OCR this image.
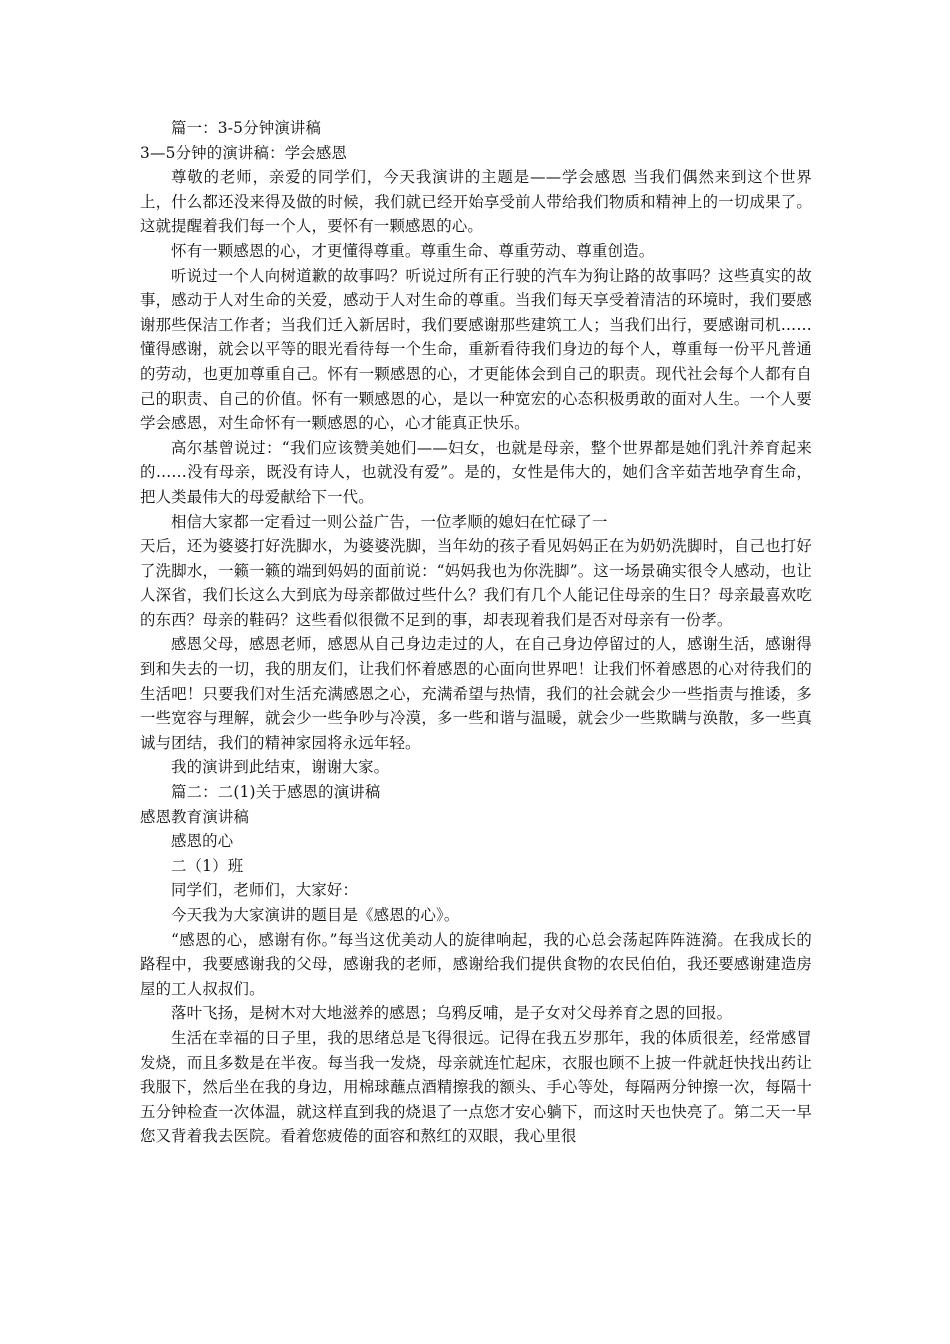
篇一：3-5分钟演讲稿

3—5分钟的演讲稿：学会感恩

尊敬的老师，亲爱的同学们，今天我演讲的主题是——学会感恩 当我们偶然来到这个世界上，什么都还没来得及做的时候，我们就已经开始享受前人带给我们物质和精神上的一切成果了。这就提醒着我们每一个人，要怀有一颗感恩的心。

怀有一颗感恩的心，才更懂得尊重。尊重生命、尊重劳动、尊重创造。

听说过一个人向树道歉的故事吗？听说过所有正行驶的汽车为狗让路的故事吗？这些真实的故事，感动于人对生命的关爱，感动于人对生命的尊重。当我们每天享受着清洁的环境时，我们要感谢那些保洁工作者；当我们迁入新居时，我们要感谢那些建筑工人；当我们出行，要感谢司机……懂得感谢，就会以平等的眼光看待每一个生命，重新看待我们身边的每个人，尊重每一份平凡普通的劳动，也更加尊重自己。怀有一颗感恩的心，才更能体会到自己的职责。现代社会每个人都有自己的职责、自己的价值。怀有一颗感恩的心，是以一种宽宏的心态积极勇敢的面对人生。一个人要学会感恩，对生命怀有一颗感恩的心，心才能真正快乐。

高尔基曾说过：“我们应该赞美她们——妇女，也就是母亲，整个世界都是她们乳汁养育起来的……没有母亲，既没有诗人，也就没有爱”。是的，女性是伟大的，她们含辛茹苦地孕育生命，把人类最伟大的母爱献给下一代。

相信大家都一定看过一则公益广告，一位孝顺的媳妇在忙碌了一

天后，还为婆婆打好洗脚水，为婆婆洗脚，当年幼的孩子看见妈妈正在为奶奶洗脚时，自己也打好了洗脚水，一籁一籁的端到妈妈的面前说：“妈妈我也为你洗脚”。这一场景确实很令人感动，也让人深省，我们长这么大到底为母亲都做过些什么？我们有几个人能记住母亲的生日？母亲最喜欢吃的东西？母亲的鞋码？这些看似很微不足到的事，却表现着我们是否对母亲有一份孝。

感恩父母，感恩老师，感恩从自己身边走过的人，在自己身边停留过的人，感谢生活，感谢得到和失去的一切，我的朋友们，让我们怀着感恩的心面向世界吧！让我们怀着感恩的心对待我们的生活吧！只要我们对生活充满感恩之心，充满希望与热情，我们的社会就会少一些指责与推诿，多一些宽容与理解，就会少一些争吵与冷漠，多一些和谐与温暖，就会少一些欺瞒与涣散，多一些真诚与团结，我们的精神家园将永远年轻。

我的演讲到此结束，谢谢大家。

篇二：二(1)关于感恩的演讲稿

感恩教育演讲稿

感恩的心

二（1）班

同学们，老师们，大家好：

今天我为大家演讲的题目是《感恩的心》。

“感恩的心，感谢有你。”每当这优美动人的旋律响起，我的心总会荡起阵阵涟漪。在我成长的路程中，我要感谢我的父母，感谢我的老师，感谢给我们提供食物的农民伯伯，我还要感谢建造房屋的工人叔叔们。

落叶飞扬，是树木对大地滋养的感恩；乌鸦反哺，是子女对父母养育之恩的回报。

生活在幸福的日子里，我的思绪总是飞得很远。记得在我五岁那年，我的体质很差，经常感冒发烧，而且多数是在半夜。每当我一发烧，母亲就连忙起床，衣服也顾不上披一件就赶快找出药让我服下，然后坐在我的身边，用棉球蘸点酒精擦我的额头、手心等处，每隔两分钟擦一次，每隔十五分钟检查一次体温，就这样直到我的烧退了一点您才安心躺下，而这时天也快亮了。第二天一早您又背着我去医院。看着您疲倦的面容和熬红的双眼，我心里很
